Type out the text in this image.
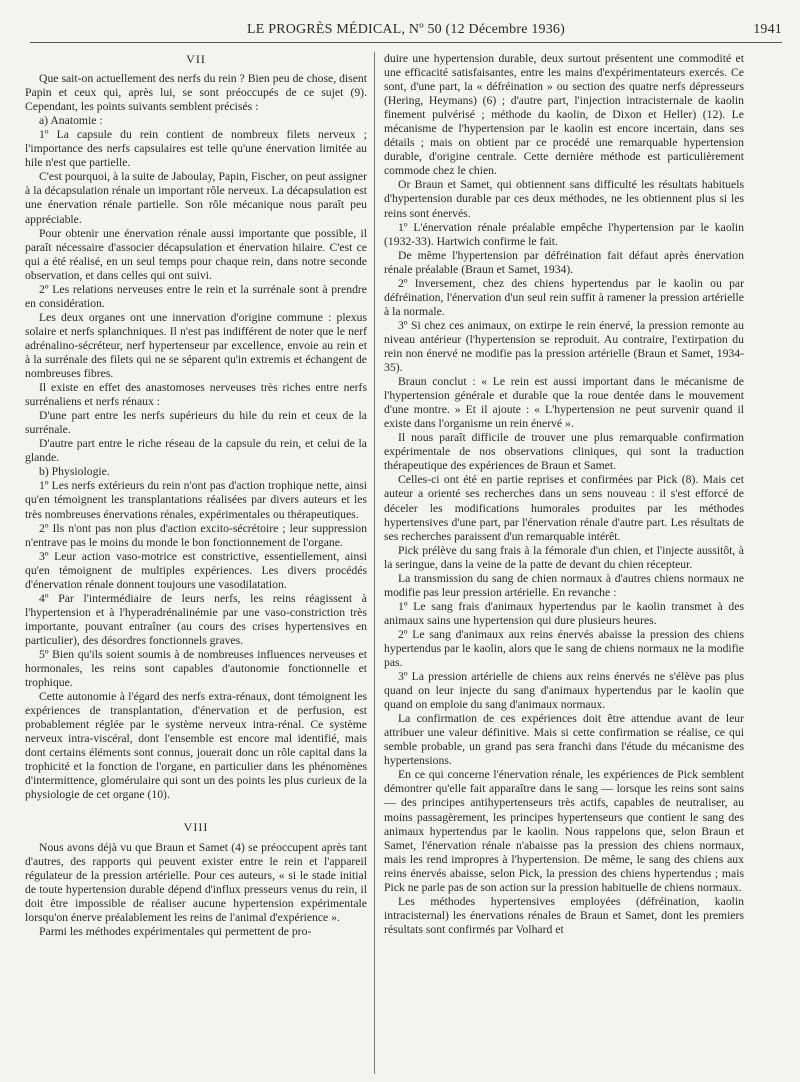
LE PROGRÈS MÉDICAL, Nº 50 (12 Décembre 1936)	1941
VII

Que sait-on actuellement des nerfs du rein ? Bien peu de chose, disent Papin et ceux qui, après lui, se sont préoccupés de ce sujet (9). Cependant, les points suivants semblent précisés :

a) Anatomie :

1º La capsule du rein contient de nombreux filets nerveux ; l'importance des nerfs capsulaires est telle qu'une énervation limitée au hile n'est que partielle.

C'est pourquoi, à la suite de Jaboulay, Papin, Fischer, on peut assigner à la décapsulation rénale un important rôle nerveux. La décapsulation est une énervation rénale partielle. Son rôle mécanique nous paraît peu appréciable.

Pour obtenir une énervation rénale aussi importante que possible, il paraît nécessaire d'associer décapsulation et énervation hilaire. C'est ce qui a été réalisé, en un seul temps pour chaque rein, dans notre seconde observation, et dans celles qui ont suivi.

2º Les relations nerveuses entre le rein et la surrénale sont à prendre en considération.

Les deux organes ont une innervation d'origine commune : plexus solaire et nerfs splanchniques. Il n'est pas indifférent de noter que le nerf adrénalino-sécréteur, nerf hypertenseur par excellence, envoie au rein et à la surrénale des filets qui ne se séparent qu'in extremis et échangent de nombreuses fibres.

Il existe en effet des anastomoses nerveuses très riches entre nerfs surrénaliens et nerfs rénaux :

D'une part entre les nerfs supérieurs du hile du rein et ceux de la surrénale.

D'autre part entre le riche réseau de la capsule du rein, et celui de la glande.

b) Physiologie.

1º Les nerfs extérieurs du rein n'ont pas d'action trophique nette, ainsi qu'en témoignent les transplantations réalisées par divers auteurs et les très nombreuses énervations rénales, expérimentales ou thérapeutiques.

2º Ils n'ont pas non plus d'action excito-sécrétoire ; leur suppression n'entrave pas le moins du monde le bon fonctionnement de l'organe.

3º Leur action vaso-motrice est constrictive, essentiellement, ainsi qu'en témoignent de multiples expériences. Les divers procédés d'énervation rénale donnent toujours une vasodilatation.

4º Par l'intermédiaire de leurs nerfs, les reins réagissent à l'hypertension et à l'hyperadrénalinémie par une vaso-constriction très importante, pouvant entraîner (au cours des crises hypertensives en particulier), des désordres fonctionnels graves.

5º Bien qu'ils soient soumis à de nombreuses influences nerveuses et hormonales, les reins sont capables d'autonomie fonctionnelle et trophique.

Cette autonomie à l'égard des nerfs extra-rénaux, dont témoignent les expériences de transplantation, d'énervation et de perfusion, est probablement réglée par le système nerveux intra-rénal. Ce système nerveux intra-viscéral, dont l'ensemble est encore mal identifié, mais dont certains éléments sont connus, jouerait donc un rôle capital dans la trophicité et la fonction de l'organe, en particulier dans les phénomènes d'intermittence, glomérulaire qui sont un des points les plus curieux de la physiologie de cet organe (10).

VIII

Nous avons déjà vu que Braun et Samet (4) se préoccupent après tant d'autres, des rapports qui peuvent exister entre le rein et l'appareil régulateur de la pression artérielle. Pour ces auteurs, « si le stade initial de toute hypertension durable dépend d'influx presseurs venus du rein, il doit être impossible de réaliser aucune hypertension expérimentale lorsqu'on énerve préalablement les reins de l'animal d'expérience ».

Parmi les méthodes expérimentales qui permettent de pro-

duire une hypertension durable, deux surtout présentent une commodité et une efficacité satisfaisantes, entre les mains d'expérimentateurs exercés. Ce sont, d'une part, la « défréination » ou section des quatre nerfs dépresseurs (Hering, Heymans) (6) ; d'autre part, l'injection intracisternale de kaolin finement pulvérisé ; méthode du kaolin, de Dixon et Heller) (12). Le mécanisme de l'hypertension par le kaolin est encore incertain, dans ses détails ; mais on obtient par ce procédé une remarquable hypertension durable, d'origine centrale. Cette dernière méthode est particulièrement commode chez le chien.

Or Braun et Samet, qui obtiennent sans difficulté les résultats habituels d'hypertension durable par ces deux méthodes, ne les obtiennent plus si les reins sont énervés.

1º L'énervation rénale préalable empêche l'hypertension par le kaolin (1932-33). Hartwich confirme le fait.

De même l'hypertension par défréination fait défaut après énervation rénale préalable (Braun et Samet, 1934).

2º Inversement, chez des chiens hypertendus par le kaolin ou par défréination, l'énervation d'un seul rein suffit à ramener la pression artérielle à la normale.

3º Si chez ces animaux, on extirpe le rein énervé, la pression remonte au niveau antérieur (l'hypertension se reproduit. Au contraire, l'extirpation du rein non énervé ne modifie pas la pression artérielle (Braun et Samet, 1934-35).

Braun conclut : « Le rein est aussi important dans le mécanisme de l'hypertension générale et durable que la roue dentée dans le mouvement d'une montre. » Et il ajoute : « L'hypertension ne peut survenir quand il existe dans l'organisme un rein énervé ».

Il nous paraît difficile de trouver une plus remarquable confirmation expérimentale de nos observations cliniques, qui sont la traduction thérapeutique des expériences de Braun et Samet.

Celles-ci ont été en partie reprises et confirmées par Pick (8). Mais cet auteur a orienté ses recherches dans un sens nouveau : il s'est efforcé de déceler les modifications humorales produites par les méthodes hypertensives d'une part, par l'énervation rénale d'autre part. Les résultats de ses recherches paraissent d'un remarquable intérêt.

Pick prélève du sang frais à la fémorale d'un chien, et l'injecte aussitôt, à la seringue, dans la veine de la patte de devant du chien récepteur.

La transmission du sang de chien normaux à d'autres chiens normaux ne modifie pas leur pression artérielle. En revanche :

1º Le sang frais d'animaux hypertendus par le kaolin transmet à des animaux sains une hypertension qui dure plusieurs heures.

2º Le sang d'animaux aux reins énervés abaisse la pression des chiens hypertendus par le kaolin, alors que le sang de chiens normaux ne la modifie pas.

3º La pression artérielle de chiens aux reins énervés ne s'élève pas plus quand on leur injecte du sang d'animaux hypertendus par le kaolin que quand on emploie du sang d'animaux normaux.

La confirmation de ces expériences doit être attendue avant de leur attribuer une valeur définitive. Mais si cette confirmation se réalise, ce qui semble probable, un grand pas sera franchi dans l'étude du mécanisme des hypertensions.

En ce qui concerne l'énervation rénale, les expériences de Pick semblent démontrer qu'elle fait apparaître dans le sang — lorsque les reins sont sains — des principes antihypertenseurs très actifs, capables de neutraliser, au moins passagèrement, les principes hypertenseurs que contient le sang des animaux hypertendus par le kaolin. Nous rappelons que, selon Braun et Samet, l'énervation rénale n'abaisse pas la pression des chiens normaux, mais les rend impropres à l'hypertension. De même, le sang des chiens aux reins énervés abaisse, selon Pick, la pression des chiens hypertendus ; mais Pick ne parle pas de son action sur la pression habituelle de chiens normaux.

Les méthodes hypertensives employées (défréination, kaolin intracisternal) les énervations rénales de Braun et Samet, dont les premiers résultats sont confirmés par Volhard et
